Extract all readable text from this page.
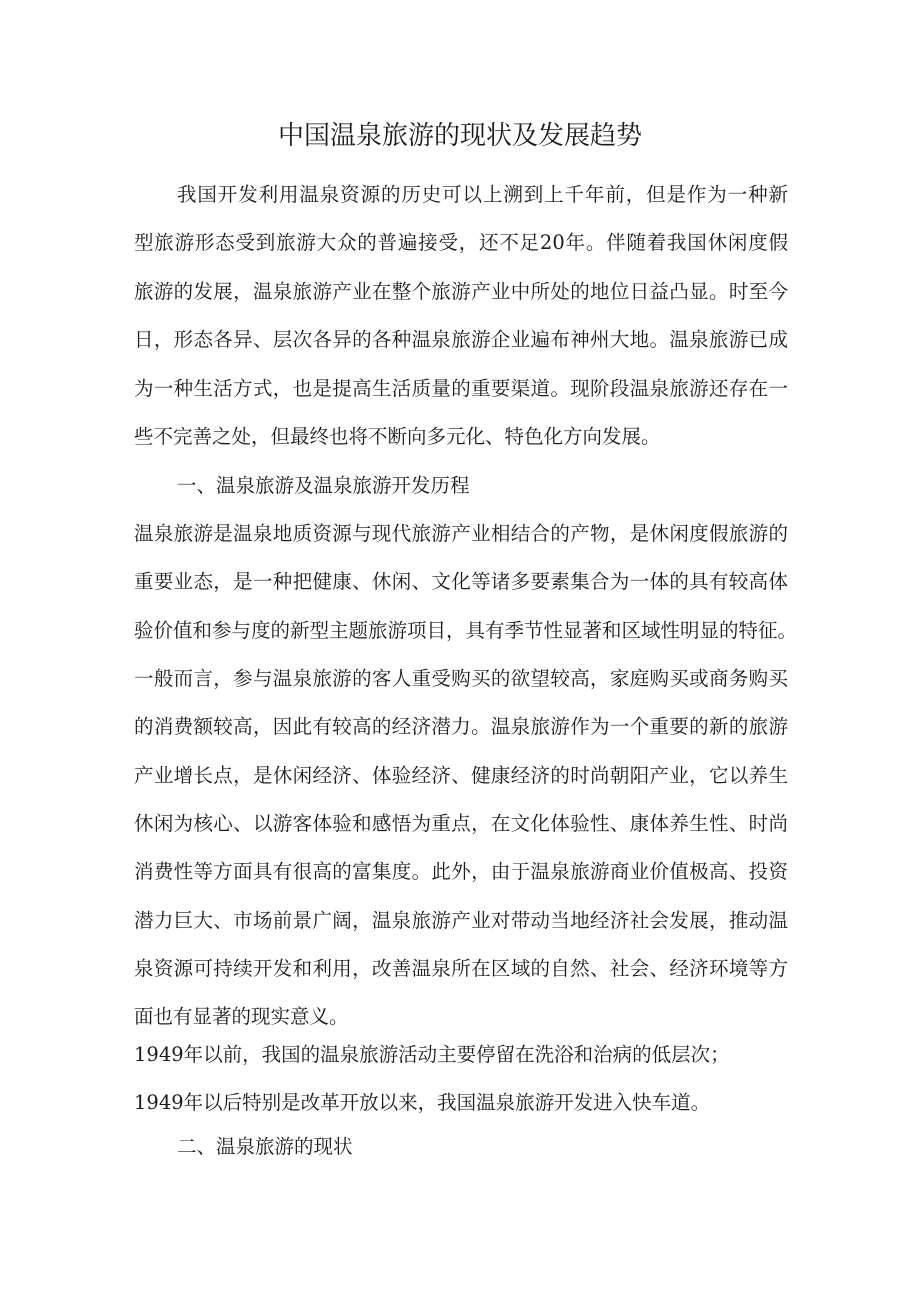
中国温泉旅游的现状及发展趋势
我国开发利用温泉资源的历史可以上溯到上千年前，但是作为一种新
型旅游形态受到旅游大众的普遍接受，还不足20年。伴随着我国休闲度假
旅游的发展，温泉旅游产业在整个旅游产业中所处的地位日益凸显。时至今
日，形态各异、层次各异的各种温泉旅游企业遍布神州大地。温泉旅游已成
为一种生活方式，也是提高生活质量的重要渠道。现阶段温泉旅游还存在一
些不完善之处，但最终也将不断向多元化、特色化方向发展。
一、温泉旅游及温泉旅游开发历程
温泉旅游是温泉地质资源与现代旅游产业相结合的产物，是休闲度假旅游的
重要业态，是一种把健康、休闲、文化等诸多要素集合为一体的具有较高体
验价值和参与度的新型主题旅游项目，具有季节性显著和区域性明显的特征。
一般而言，参与温泉旅游的客人重受购买的欲望较高，家庭购买或商务购买
的消费额较高，因此有较高的经济潜力。温泉旅游作为一个重要的新的旅游
产业增长点，是休闲经济、体验经济、健康经济的时尚朝阳产业，它以养生
休闲为核心、以游客体验和感悟为重点，在文化体验性、康体养生性、时尚
消费性等方面具有很高的富集度。此外，由于温泉旅游商业价值极高、投资
潜力巨大、市场前景广阔，温泉旅游产业对带动当地经济社会发展，推动温
泉资源可持续开发和利用，改善温泉所在区域的自然、社会、经济环境等方
面也有显著的现实意义。
1949年以前，我国的温泉旅游活动主要停留在洗浴和治病的低层次；
1949年以后特别是改革开放以来，我国温泉旅游开发进入快车道。
二、温泉旅游的现状
